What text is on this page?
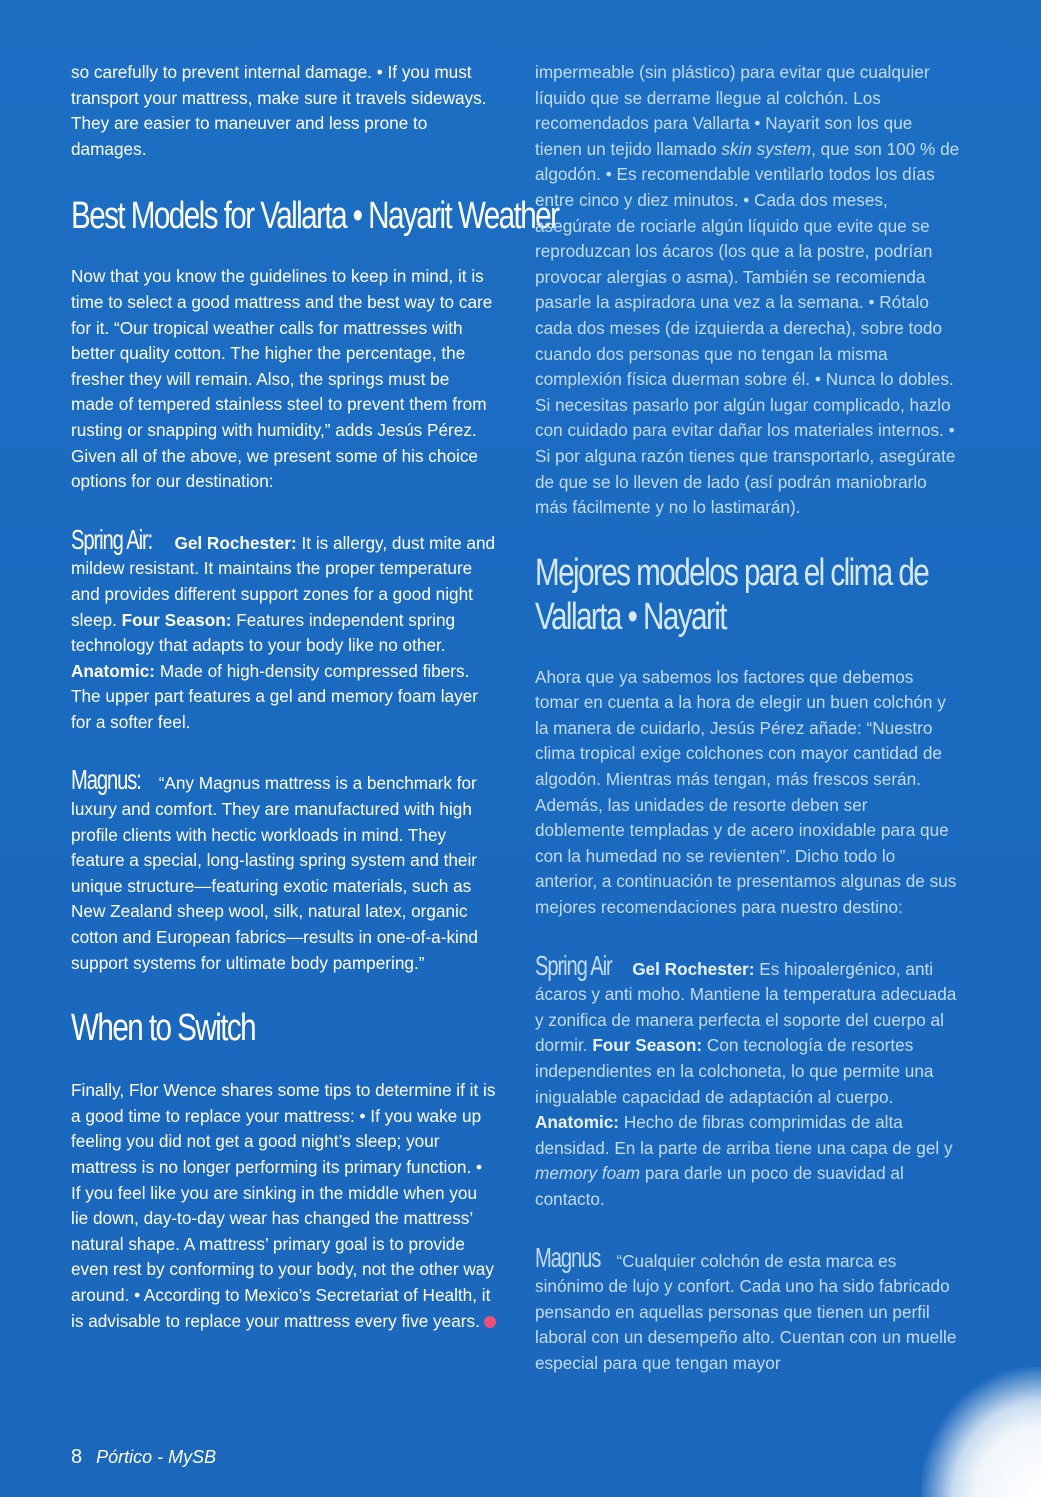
so carefully to prevent internal damage. • If you must transport your mattress, make sure it travels sideways. They are easier to maneuver and less prone to damages.

Best Models for Vallarta • Nayarit Weather

Now that you know the guidelines to keep in mind, it is time to select a good mattress and the best way to care for it. “Our tropical weather calls for mattresses with better quality cotton. The higher the percentage, the fresher they will remain. Also, the springs must be made of tempered stainless steel to prevent them from rusting or snapping with humidity,” adds Jesús Pérez. Given all of the above, we present some of his choice options for our destination:

Spring Air: Gel Rochester: It is allergy, dust mite and mildew resistant. It maintains the proper temperature and provides different support zones for a good night sleep. Four Season: Features independent spring technology that adapts to your body like no other. Anatomic: Made of high-density compressed fibers. The upper part features a gel and memory foam layer for a softer feel.

Magnus: “Any Magnus mattress is a benchmark for luxury and comfort. They are manufactured with high profile clients with hectic workloads in mind. They feature a special, long-lasting spring system and their unique structure—featuring exotic materials, such as New Zealand sheep wool, silk, natural latex, organic cotton and European fabrics—results in one-of-a-kind support systems for ultimate body pampering.”

When to Switch

Finally, Flor Wence shares some tips to determine if it is a good time to replace your mattress: • If you wake up feeling you did not get a good night’s sleep; your mattress is no longer performing its primary function. • If you feel like you are sinking in the middle when you lie down, day-to-day wear has changed the mattress’ natural shape. A mattress’ primary goal is to provide even rest by conforming to your body, not the other way around. • According to Mexico’s Secretariat of Health, it is advisable to replace your mattress every five years.

impermeable (sin plástico) para evitar que cualquier líquido que se derrame llegue al colchón. Los recomendados para Vallarta • Nayarit son los que tienen un tejido llamado skin system, que son 100 % de algodón. • Es recomendable ventilarlo todos los días entre cinco y diez minutos. • Cada dos meses, asegúrate de rociarle algún líquido que evite que se reproduzcan los ácaros (los que a la postre, podrían provocar alergias o asma). También se recomienda pasarle la aspiradora una vez a la semana. • Rótalo cada dos meses (de izquierda a derecha), sobre todo cuando dos personas que no tengan la misma complexión física duerman sobre él. • Nunca lo dobles. Si necesitas pasarlo por algún lugar complicado, hazlo con cuidado para evitar dañar los materiales internos. • Si por alguna razón tienes que transportarlo, asegúrate de que se lo lleven de lado (así podrán maniobrarlo más fácilmente y no lo lastimarán).

Mejores modelos para el clima de
Vallarta • Nayarit

Ahora que ya sabemos los factores que debemos tomar en cuenta a la hora de elegir un buen colchón y la manera de cuidarlo, Jesús Pérez añade: “Nuestro clima tropical exige colchones con mayor cantidad de algodón. Mientras más tengan, más frescos serán. Además, las unidades de resorte deben ser doblemente templadas y de acero inoxidable para que con la humedad no se revienten”. Dicho todo lo anterior, a continuación te presentamos algunas de sus mejores recomendaciones para nuestro destino:

Spring Air Gel Rochester: Es hipoalergénico, anti ácaros y anti moho. Mantiene la temperatura adecuada y zonifica de manera perfecta el soporte del cuerpo al dormir. Four Season: Con tecnología de resortes independientes en la colchoneta, lo que permite una inigualable capacidad de adaptación al cuerpo. Anatomic: Hecho de fibras comprimidas de alta densidad. En la parte de arriba tiene una capa de gel y memory foam para darle un poco de suavidad al contacto.

Magnus “Cualquier colchón de esta marca es sinónimo de lujo y confort. Cada uno ha sido fabricado pensando en aquellas personas que tienen un perfil laboral con un desempeño alto. Cuentan con un muelle especial para que tengan mayor

8 Pórtico - MySB
